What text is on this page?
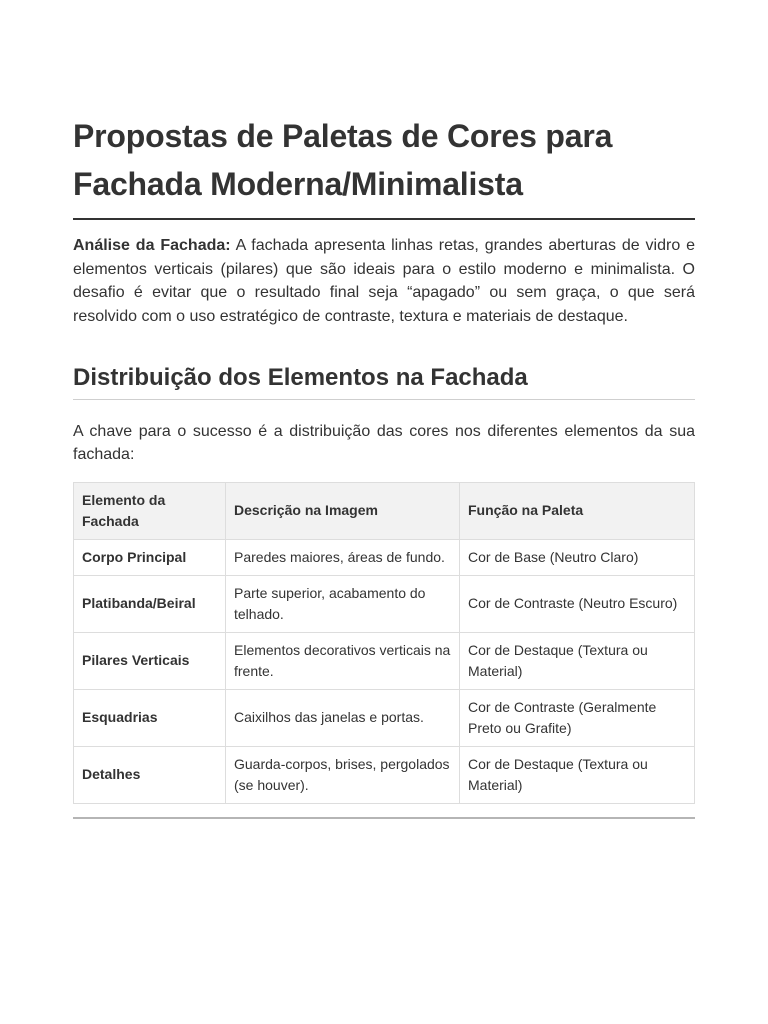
Propostas de Paletas de Cores para Fachada Moderna/Minimalista

Análise da Fachada: A fachada apresenta linhas retas, grandes aberturas de vidro e elementos verticais (pilares) que são ideais para o estilo moderno e minimalista. O desafio é evitar que o resultado final seja “apagado” ou sem graça, o que será resolvido com o uso estratégico de contraste, textura e materiais de destaque.

Distribuição dos Elementos na Fachada

A chave para o sucesso é a distribuição das cores nos diferentes elementos da sua fachada:

Elemento da Fachada	Descrição na Imagem	Função na Paleta
Corpo Principal	Paredes maiores, áreas de fundo.	Cor de Base (Neutro Claro)
Platibanda/Beiral	Parte superior, acabamento do telhado.	Cor de Contraste (Neutro Escuro)
Pilares Verticais	Elementos decorativos verticais na frente.	Cor de Destaque (Textura ou Material)
Esquadrias	Caixilhos das janelas e portas.	Cor de Contraste (Geralmente Preto ou Grafite)
Detalhes	Guarda-corpos, brises, pergolados (se houver).	Cor de Destaque (Textura ou Material)
